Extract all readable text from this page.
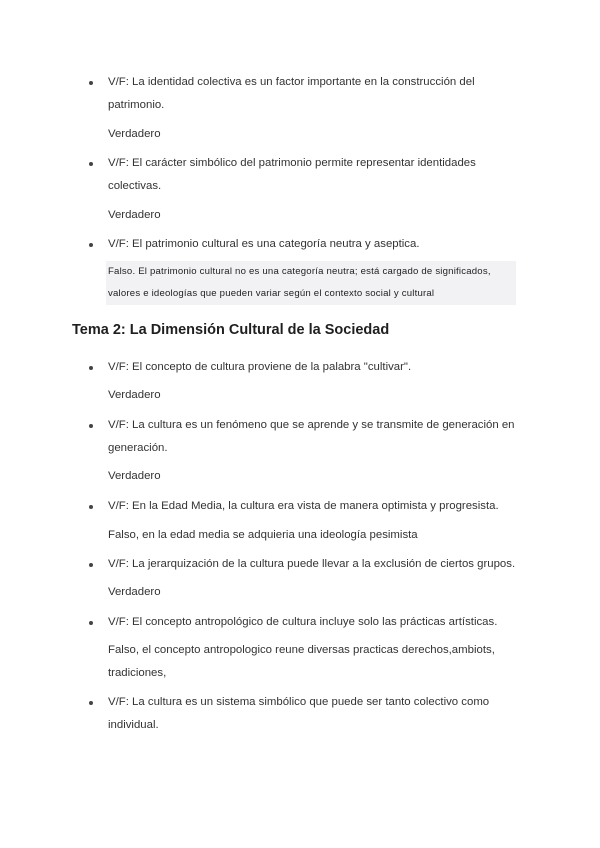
V/F: La identidad colectiva es un factor importante en la construcción del patrimonio.
Verdadero
V/F: El carácter simbólico del patrimonio permite representar identidades colectivas.
Verdadero
V/F: El patrimonio cultural es una categoría neutra y aseptica.
Falso. El patrimonio cultural no es una categoría neutra; está cargado de significados,
valores e ideologías que pueden variar según el contexto social y cultural
Tema 2: La Dimensión Cultural de la Sociedad
V/F: El concepto de cultura proviene de la palabra "cultivar".
Verdadero
V/F: La cultura es un fenómeno que se aprende y se transmite de generación en generación.
Verdadero
V/F: En la Edad Media, la cultura era vista de manera optimista y progresista.
Falso, en la edad media se adquieria una ideología pesimista
V/F: La jerarquización de la cultura puede llevar a la exclusión de ciertos grupos.
Verdadero
V/F: El concepto antropológico de cultura incluye solo las prácticas artísticas.
Falso, el concepto antropologico reune diversas practicas derechos,ambiots, tradiciones,
V/F: La cultura es un sistema simbólico que puede ser tanto colectivo como individual.
